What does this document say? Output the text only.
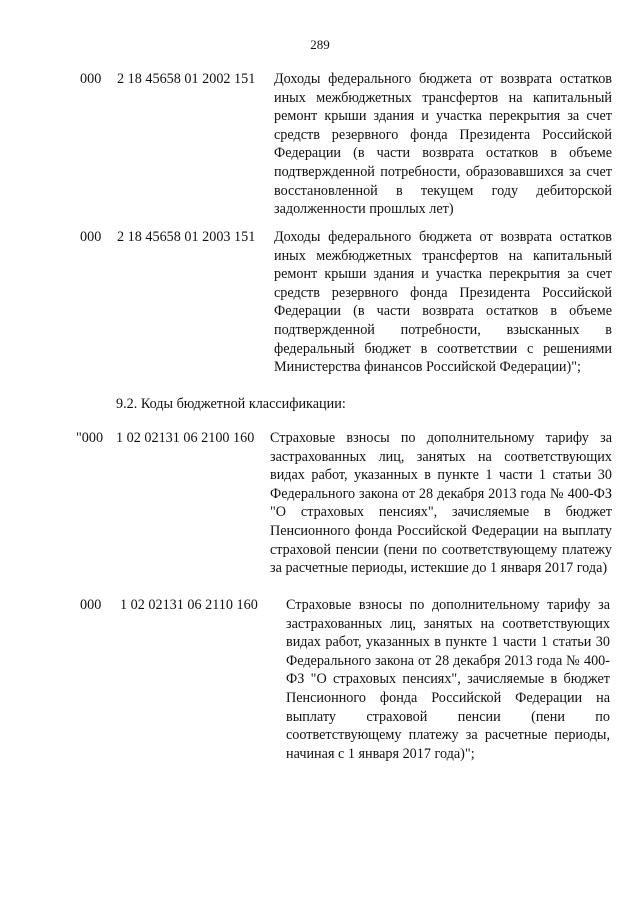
289
000 2 18 45658 01 2002 151 Доходы федерального бюджета от возврата остатков иных межбюджетных трансфертов на капитальный ремонт крыши здания и участка перекрытия за счет средств резервного фонда Президента Российской Федерации (в части возврата остатков в объеме подтвержденной потребности, образовавшихся за счет восстановленной в текущем году дебиторской задолженности прошлых лет)
000 2 18 45658 01 2003 151 Доходы федерального бюджета от возврата остатков иных межбюджетных трансфертов на капитальный ремонт крыши здания и участка перекрытия за счет средств резервного фонда Президента Российской Федерации (в части возврата остатков в объеме подтвержденной потребности, взысканных в федеральный бюджет в соответствии с решениями Министерства финансов Российской Федерации)";
9.2. Коды бюджетной классификации:
"000 1 02 02131 06 2100 160 Страховые взносы по дополнительному тарифу за застрахованных лиц, занятых на соответствующих видах работ, указанных в пункте 1 части 1 статьи 30 Федерального закона от 28 декабря 2013 года № 400-ФЗ "О страховых пенсиях", зачисляемые в бюджет Пенсионного фонда Российской Федерации на выплату страховой пенсии (пени по соответствующему платежу за расчетные периоды, истекшие до 1 января 2017 года)
000 1 02 02131 06 2110 160 Страховые взносы по дополнительному тарифу за застрахованных лиц, занятых на соответствующих видах работ, указанных в пункте 1 части 1 статьи 30 Федерального закона от 28 декабря 2013 года № 400-ФЗ "О страховых пенсиях", зачисляемые в бюджет Пенсионного фонда Российской Федерации на выплату страховой пенсии (пени по соответствующему платежу за расчетные периоды, начиная с 1 января 2017 года)";
